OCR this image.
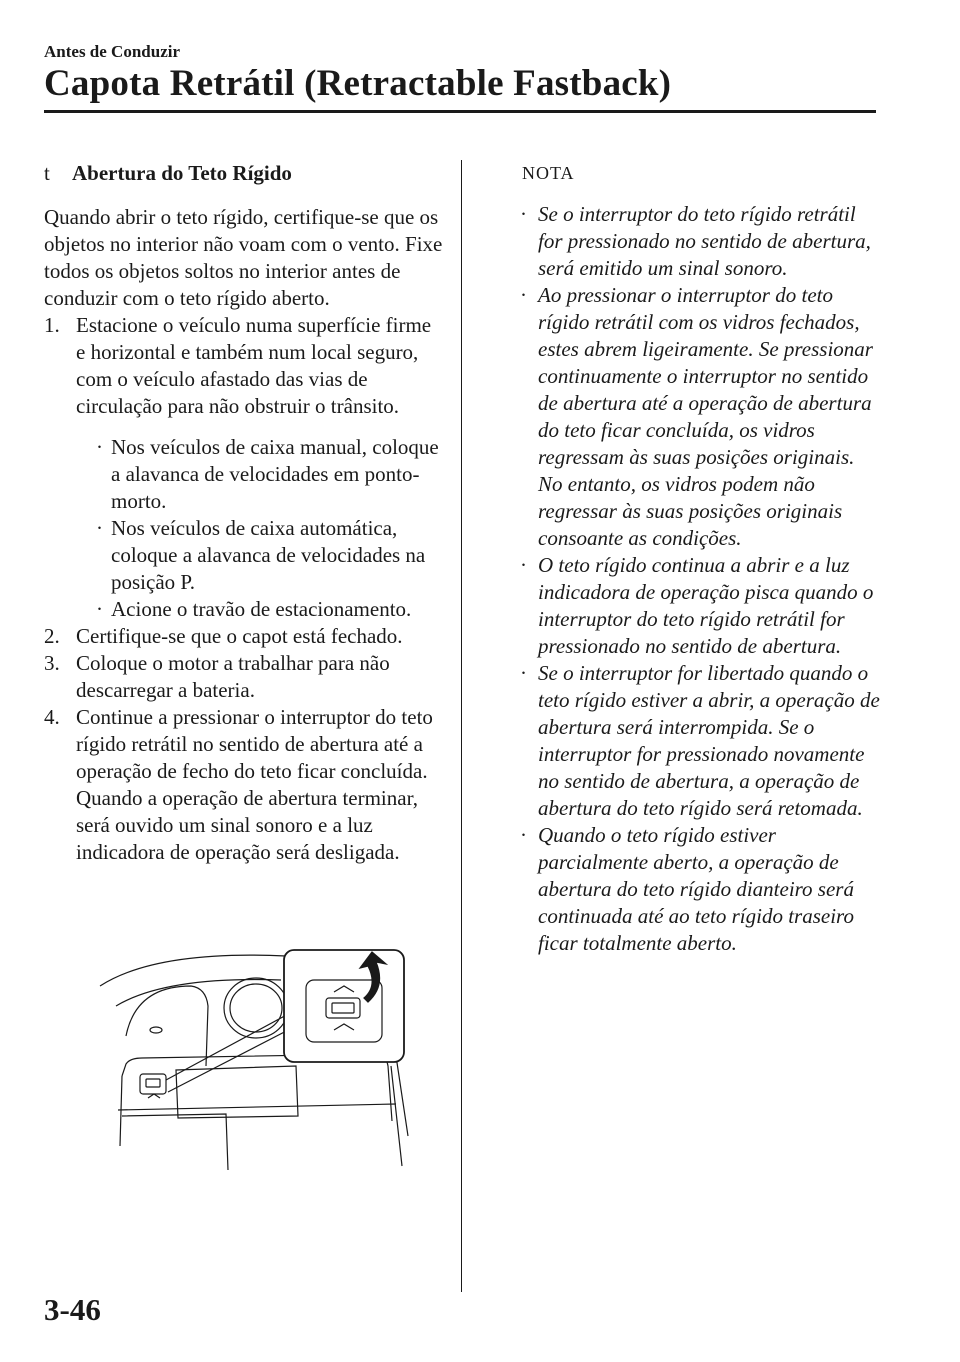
Antes de Conduzir
Capota Retrátil (Retractable Fastback)
t	Abertura do Teto Rígido
Quando abrir o teto rígido, certifique-se que os objetos no interior não voam com o vento. Fixe todos os objetos soltos no interior antes de conduzir com o teto rígido aberto.
1. Estacione o veículo numa superfície firme e horizontal e também num local seguro, com o veículo afastado das vias de circulação para não obstruir o trânsito.
· Nos veículos de caixa manual, coloque a alavanca de velocidades em ponto-morto.
· Nos veículos de caixa automática, coloque a alavanca de velocidades na posição P.
· Acione o travão de estacionamento.
2. Certifique-se que o capot está fechado.
3. Coloque o motor a trabalhar para não descarregar a bateria.
4. Continue a pressionar o interruptor do teto rígido retrátil no sentido de abertura até a operação de fecho do teto ficar concluída. Quando a operação de abertura terminar, será ouvido um sinal sonoro e a luz indicadora de operação será desligada.
NOTA
· Se o interruptor do teto rígido retrátil for pressionado no sentido de abertura, será emitido um sinal sonoro.
· Ao pressionar o interruptor do teto rígido retrátil com os vidros fechados, estes abrem ligeiramente. Se pressionar continuamente o interruptor no sentido de abertura até a operação de abertura do teto ficar concluída, os vidros regressam às suas posições originais. No entanto, os vidros podem não regressar às suas posições originais consoante as condições.
· O teto rígido continua a abrir e a luz indicadora de operação pisca quando o interruptor do teto rígido retrátil for pressionado no sentido de abertura.
· Se o interruptor for libertado quando o teto rígido estiver a abrir, a operação de abertura será interrompida. Se o interruptor for pressionado novamente no sentido de abertura, a operação de abertura do teto rígido será retomada.
· Quando o teto rígido estiver parcialmente aberto, a operação de abertura do teto rígido dianteiro será continuada até ao teto rígido traseiro ficar totalmente aberto.
3-46
